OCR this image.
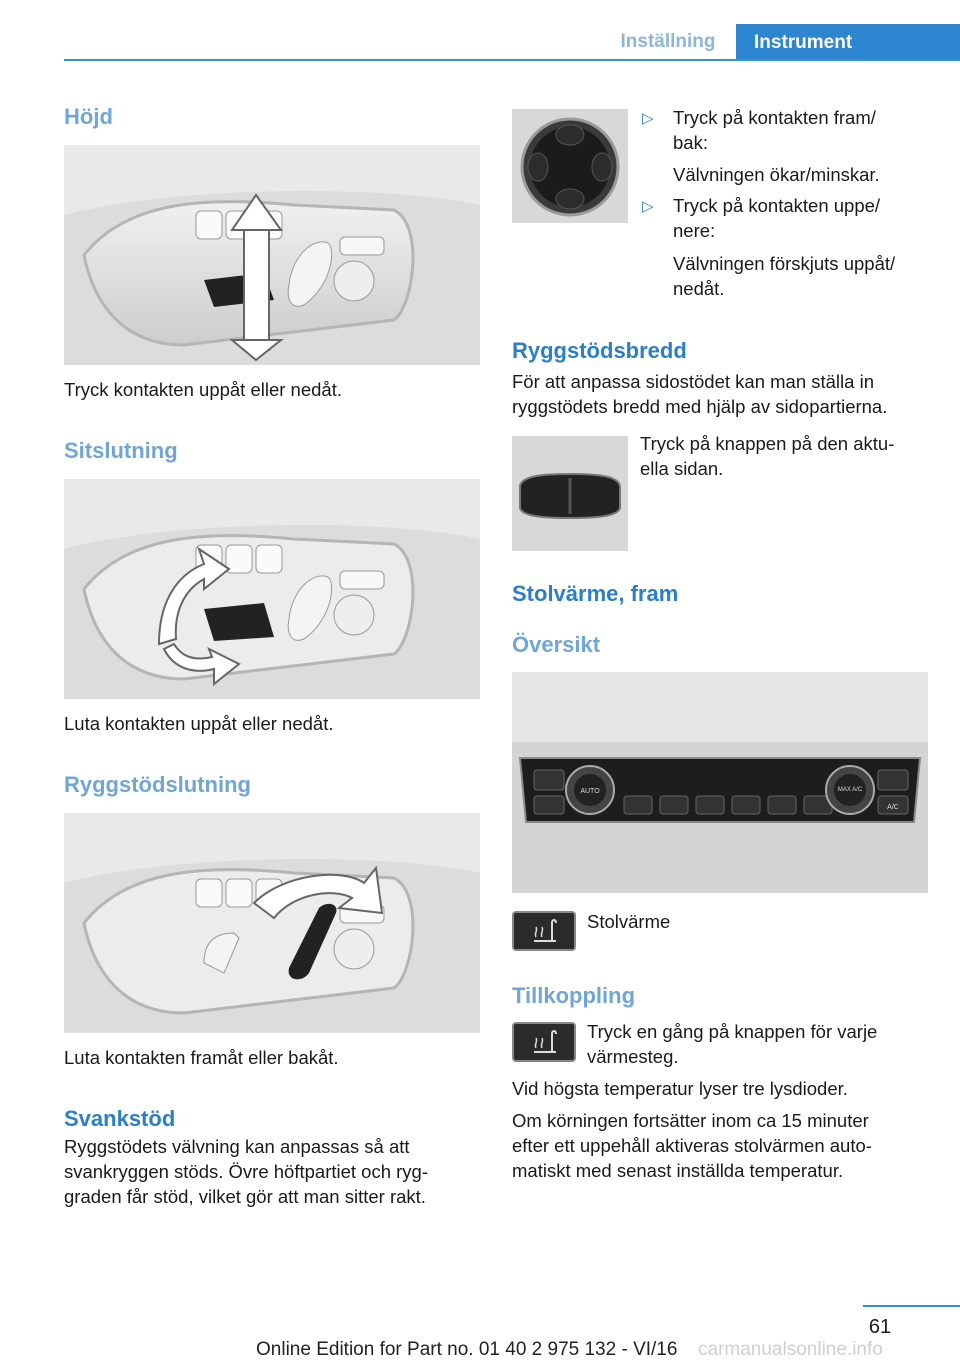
Inställning	Instrument
Höjd

Tryck kontakten uppåt eller nedåt.

Sitslutning

Luta kontakten uppåt eller nedåt.

Ryggstödslutning

Luta kontakten framåt eller bakåt.

Svankstöd

Ryggstödets välvning kan anpassas så att

svankryggen stöds. Övre höftpartiet och ryg‐

graden får stöd, vilket gör att man sitter rakt.

▷ Tryck på kontakten fram/

bak:

Välvningen ökar/minskar.

▷ Tryck på kontakten uppe/

nere:

Välvningen förskjuts uppåt/

nedåt.

Ryggstödsbredd

För att anpassa sidostödet kan man ställa in

ryggstödets bredd med hjälp av sidopartierna.

Tryck på knappen på den aktu‐

ella sidan.

Stolvärme, fram
Översikt
AUTO	MAX A/C
A/C

Stolvärme

Tillkoppling

Tryck en gång på knappen för varje

värmesteg.

Vid högsta temperatur lyser tre lysdioder.

Om körningen fortsätter inom ca 15 minuter

efter ett uppehåll aktiveras stolvärmen auto‐

matiskt med senast inställda temperatur.

61
Online Edition for Part no. 01 40 2 975 132 - VI/16 carmanualsonline.info
